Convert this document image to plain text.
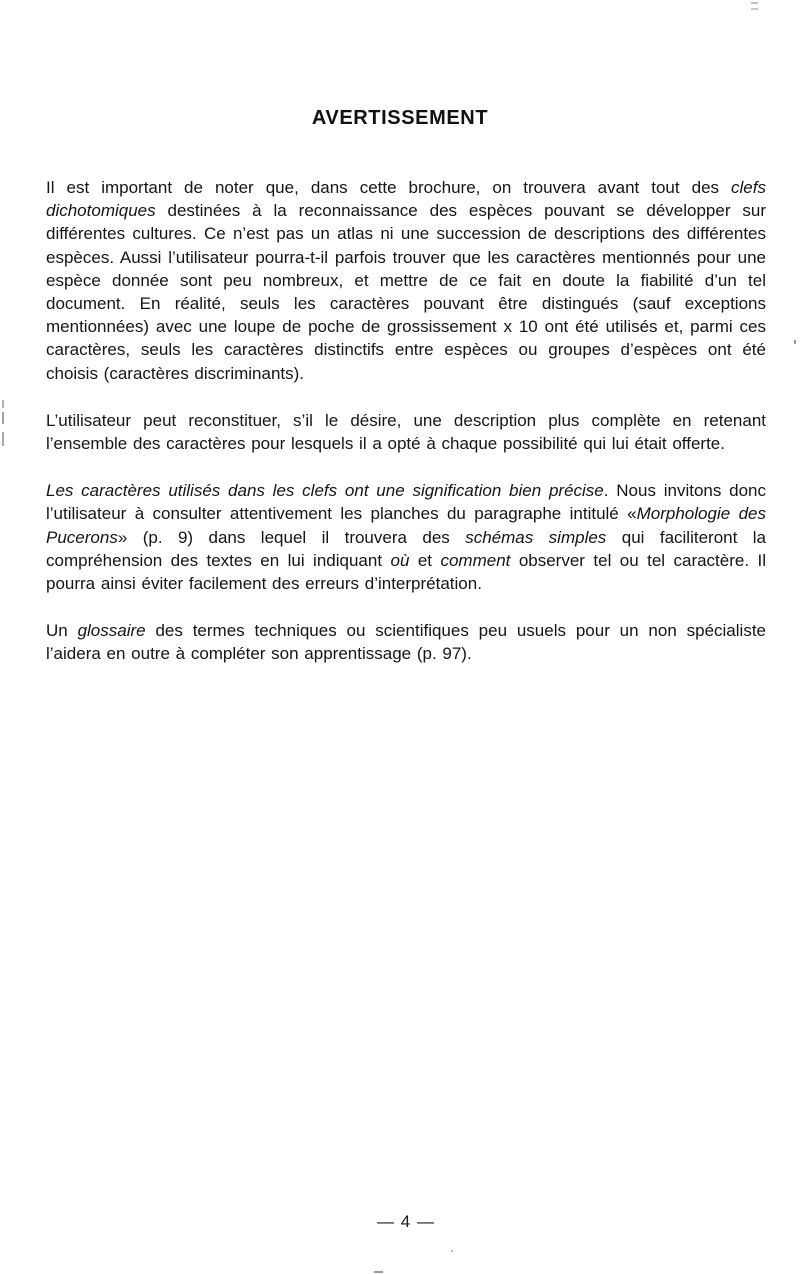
AVERTISSEMENT

Il est important de noter que, dans cette brochure, on trouvera avant tout des clefs dichotomiques destinées à la reconnaissance des espèces pouvant se développer sur différentes cultures. Ce n’est pas un atlas ni une succession de descriptions des différentes espèces. Aussi l’utilisateur pourra-t-il parfois trouver que les caractères mentionnés pour une espèce donnée sont peu nombreux, et mettre de ce fait en doute la fiabilité d’un tel document. En réalité, seuls les caractères pouvant être distingués (sauf exceptions mentionnées) avec une loupe de poche de grossissement x 10 ont été utilisés et, parmi ces caractères, seuls les caractères distinctifs entre espèces ou groupes d’espèces ont été choisis (caractères discriminants).

L’utilisateur peut reconstituer, s’il le désire, une description plus complète en retenant l’ensemble des caractères pour lesquels il a opté à chaque possibilité qui lui était offerte.

Les caractères utilisés dans les clefs ont une signification bien précise. Nous invitons donc l’utilisateur à consulter attentivement les planches du paragraphe intitulé «Morphologie des Pucerons» (p. 9) dans lequel il trouvera des schémas simples qui faciliteront la compréhension des textes en lui indiquant où et comment observer tel ou tel caractère. Il pourra ainsi éviter facilement des erreurs d’interprétation.

Un glossaire des termes techniques ou scientifiques peu usuels pour un non spécialiste l’aidera en outre à compléter son apprentissage (p. 97).

— 4 —
